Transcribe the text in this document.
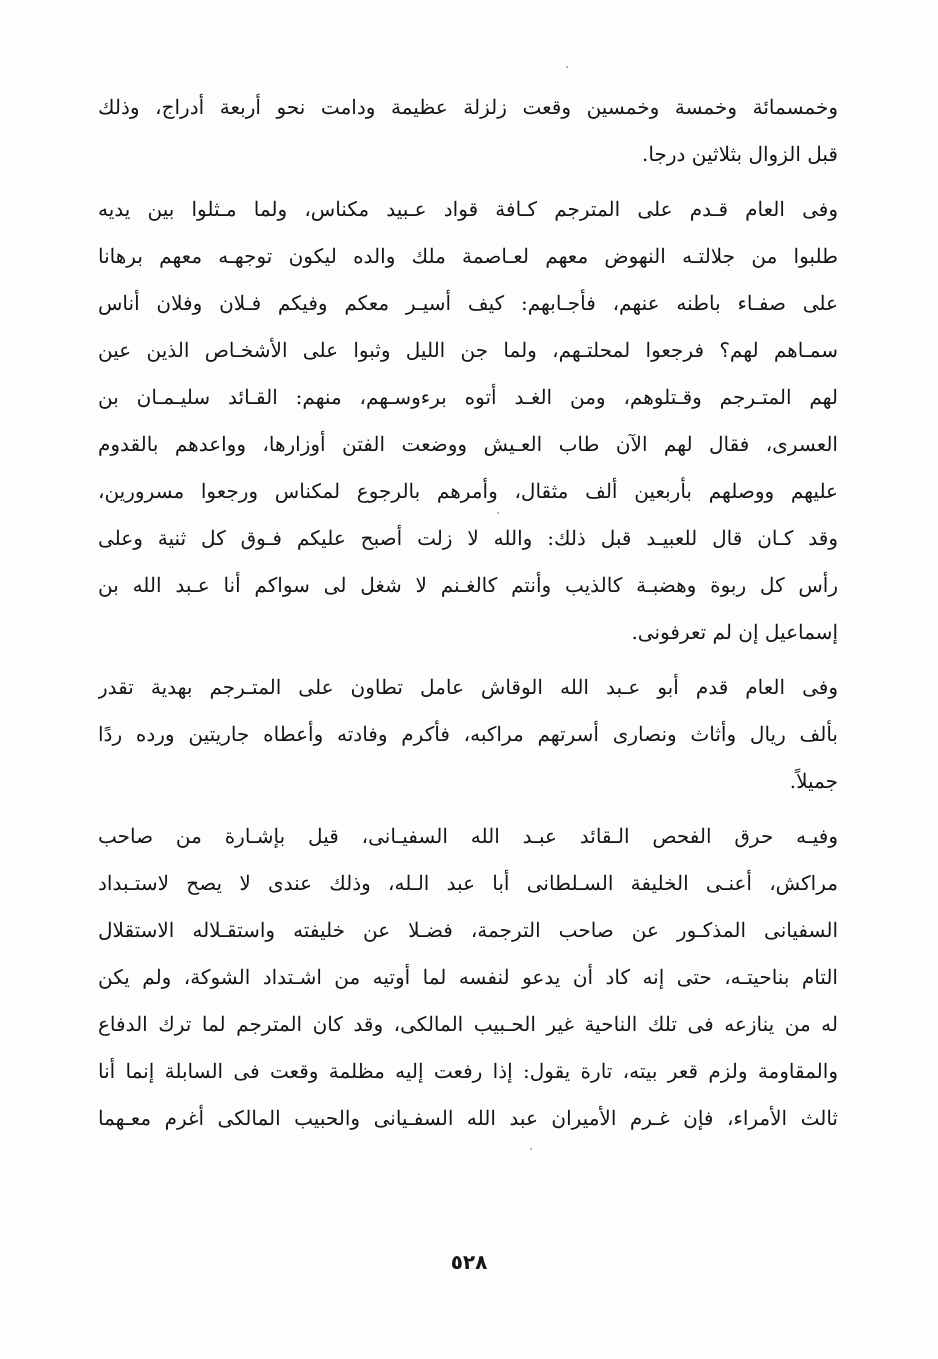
وخمسمائة وخمسة وخمسين وقعت زلزلة عظيمة ودامت نحو أربعة أدراج، وذلك
قبل الزوال بثلاثين درجا.
وفى العام قـدم على المترجم كـافة قواد عـبيد مكناس، ولما مـثلوا بين يديه
طلبوا من جلالتـه النهوض معهم لعـاصمة ملك والده ليكون توجهـه معهم برهانا
على صفـاء باطنه عنهم، فأجـابهم: كيف أسيـر معكم وفيكم فـلان وفلان أناس
سمـاهم لهم؟ فرجعوا لمحلتـهم، ولما جن الليل وثبوا على الأشخـاص الذين عين
لهم المتـرجم وقـتلوهم، ومن الغـد أتوه برءوسـهم، منهم: القـائد سليـمـان بن
العسرى، فقال لهم الآن طاب العـيش ووضعت الفتن أوزارها، وواعدهم بالقدوم
عليهم ووصلهم بأربعين ألف مثقال، وأمرهم بالرجوع لمكناس ورجعوا مسرورين،
وقد كـان قال للعبيـد قبل ذلك: والله لا زلت أصبح عليكم فـوق كل ثنية وعلى
رأس كل ربوة وهضبـة كالذيب وأنتم كالغـنم لا شغل لى سواكم أنا عـبد الله بن
إسماعيل إن لم تعرفونى.
وفى العام قدم أبو عـبد الله الوقاش عامل تطاون على المتـرجم بهدية تقدر
بألف ريال وأثاث ونصارى أسرتهم مراكبه، فأكرم وفادته وأعطاه جاريتين ورده ردًا
جميلاً.
وفيـه حرق الفحص الـقائد عبـد الله السفيـانى، قيل بإشـارة من صاحب
مراكش، أعنـى الخليفة السـلطانى أبا عبد الـله، وذلك عندى لا يصح لاستـبداد
السفيانى المذكـور عن صاحب الترجمة، فضـلا عن خليفته واستقـلاله الاستقلال
التام بناحيتـه، حتى إنه كاد أن يدعو لنفسه لما أوتيه من اشـتداد الشوكة، ولم يكن
له من ينازعه فى تلك الناحية غير الحـبيب المالكى، وقد كان المترجم لما ترك الدفاع
والمقاومة ولزم قعر بيته، تارة يقول: إذا رفعت إليه مظلمة وقعت فى السابلة إنما أنا
ثالث الأمراء، فإن غـرم الأميران عبد الله السفـيانى والحبيب المالكى أغرم معـهما
٥٢٨
